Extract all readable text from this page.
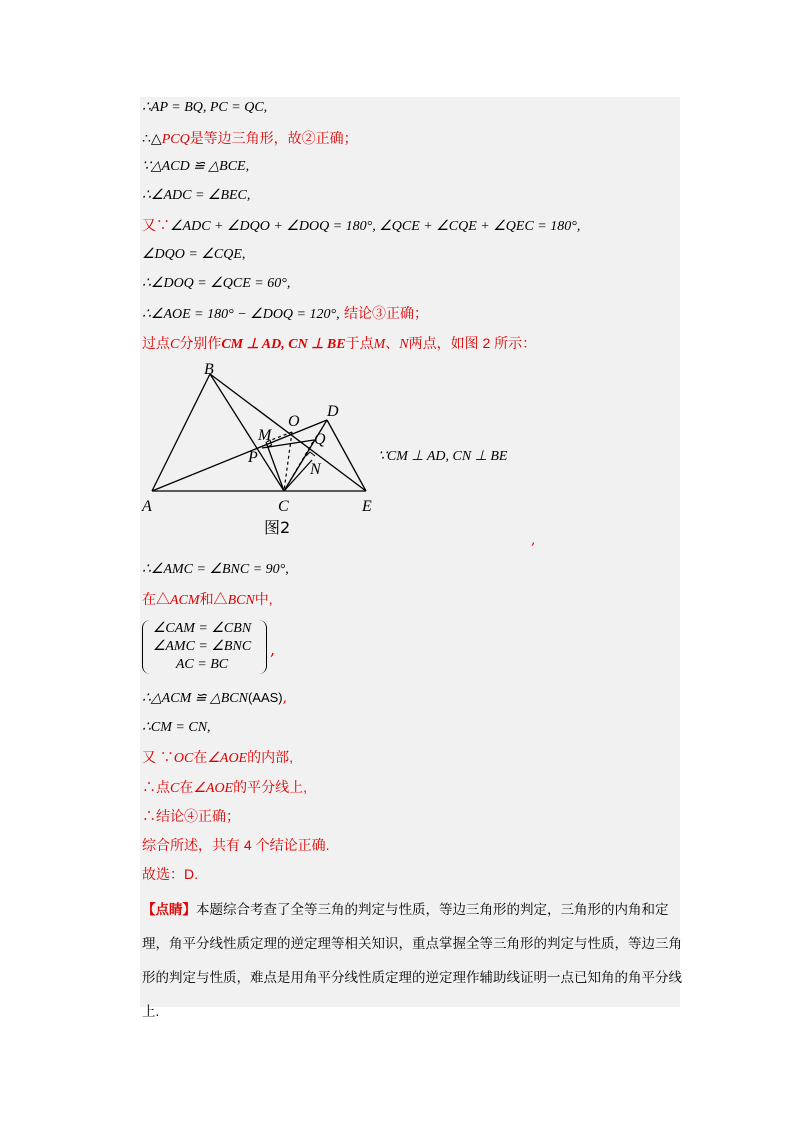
∴AP = BQ, PC = QC,
∴△PCQ是等边三角形，故②正确；
∵△ACD ≌ △BCE,
∴∠ADC = ∠BEC,
又∵∠ADC + ∠DQO + ∠DOQ = 180°, ∠QCE + ∠CQE + ∠QEC = 180°,
∠DQO = ∠CQE,
∴∠DOQ = ∠QCE = 60°,
∴∠AOE = 180° − ∠DOQ = 120°, 结论③正确；
过点C分别作CM ⊥ AD, CN ⊥ BE于点M、N两点，如图 2 所示：
B
A	C	E
D
O
M
P
Q
N
图2
∵CM ⊥ AD, CN ⊥ BE
,
∴∠AMC = ∠BNC = 90°,
在△ACM和△BCN中,
∠CAM = ∠CBN
∠AMC = ∠BNC
AC = BC
,
∴△ACM ≌ △BCN(AAS),
∴CM = CN,
又 ∵OC在∠AOE的内部,
∴点C在∠AOE的平分线上,
∴结论④正确；
综合所述，共有 4 个结论正确.
故选：D.
【点睛】本题综合考查了全等三角的判定与性质，等边三角形的判定，三角形的内角和定理，角平分线性质定理的逆定理等相关知识，重点掌握全等三角形的判定与性质，等边三角形的判定与性质，难点是用角平分线性质定理的逆定理作辅助线证明一点已知角的角平分线上.
